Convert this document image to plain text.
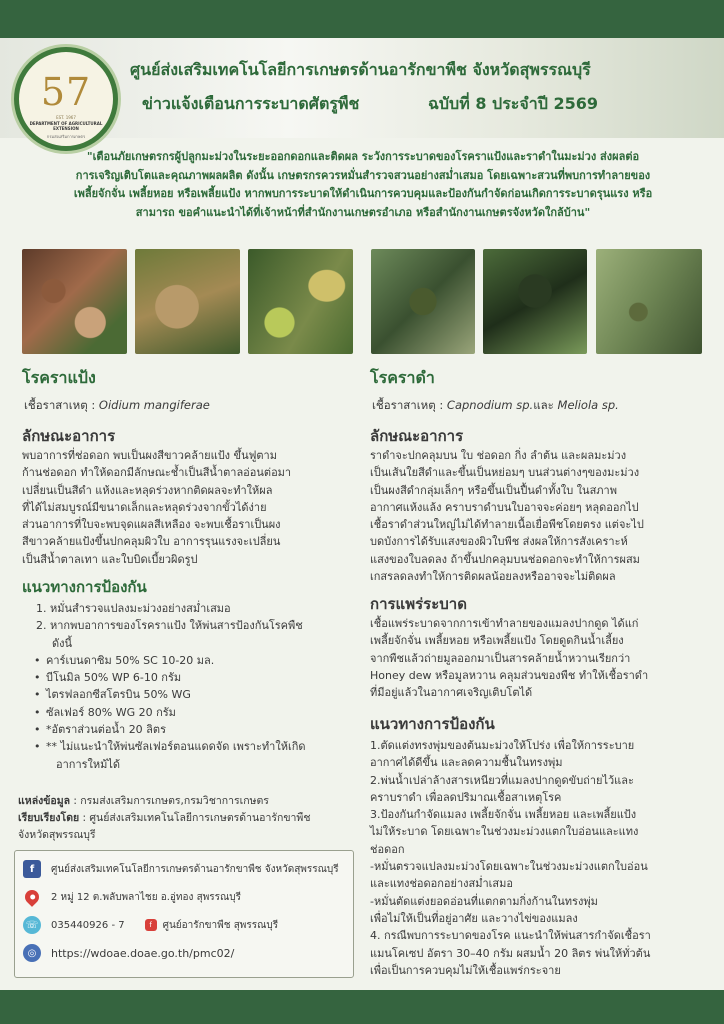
57
EST. 1967
DEPARTMENT OF AGRICULTURAL EXTENSION
กรมส่งเสริมการเกษตร
ศูนย์ส่งเสริมเทคโนโลยีการเกษตรด้านอารักขาพืช จังหวัดสุพรรณบุรี
ข่าวแจ้งเตือนการระบาดศัตรูพืช	ฉบับที่ 8 ประจำปี 2569
"เตือนภัยเกษตรกรผู้ปลูกมะม่วงในระยะออกดอกและติดผล ระวังการระบาดของโรคราแป้งและราดำในมะม่วง ส่งผลต่อ
การเจริญเติบโตและคุณภาพผลผลิต ดังนั้น เกษตรกรควรหมั่นสำรวจสวนอย่างสม่ำเสมอ โดยเฉพาะสวนที่พบการทำลายของ
เพลี้ยจักจั่น เพลี้ยหอย หรือเพลี้ยแป้ง หากพบการระบาดให้ดำเนินการควบคุมและป้องกันกำจัดก่อนเกิดการระบาดรุนแรง หรือ
สามารถ ขอคำแนะนำได้ที่เจ้าหน้าที่สำนักงานเกษตรอำเภอ หรือสำนักงานเกษตรจังหวัดใกล้บ้าน"
โรคราแป้ง
เชื้อราสาเหตุ : Oidium mangiferae
ลักษณะอาการ
พบอาการที่ช่อดอก พบเป็นผงสีขาวคล้ายแป้ง ขึ้นฟูตาม
ก้านช่อดอก ทำให้ดอกมีลักษณะช้ำเป็นสีน้ำตาลอ่อนต่อมา
เปลี่ยนเป็นสีดำ แห้งและหลุดร่วงหากติดผลจะทำให้ผล
ที่ได้ไม่สมบูรณ์มีขนาดเล็กและหลุดร่วงจากขั้วได้ง่าย
ส่วนอาการที่ใบจะพบจุดแผลสีเหลือง จะพบเชื้อราเป็นผง
สีขาวคล้ายแป้งขึ้นปกคลุมผิวใบ อาการรุนแรงจะเปลี่ยน
เป็นสีน้ำตาลเทา และใบบิดเบี้ยวผิดรูป
แนวทางการป้องกัน
1. หมั่นสำรวจแปลงมะม่วงอย่างสม่ำเสมอ
2. หากพบอาการของโรคราแป้ง ให้พ่นสารป้องกันโรคพืช
ดังนี้
• คาร์เบนดาซิม 50% SC 10-20 มล.
• บีโนมิล 50% WP 6-10 กรัม
• ไตรฟลอกซีสโตรบิน 50% WG
• ซัลเฟอร์ 80% WG 20 กรัม
• *อัตราส่วนต่อน้ำ 20 ลิตร
• ** ไม่แนะนำให้พ่นซัลเฟอร์ตอนแดดจัด เพราะทำให้เกิด
อาการใหม้ได้
แหล่งข้อมูล : กรมส่งเสริมการเกษตร,กรมวิชาการเกษตร
เรียบเรียงโดย : ศูนย์ส่งเสริมเทคโนโลยีการเกษตรด้านอารักขาพืช
จังหวัดสุพรรณบุรี
f	ศูนย์ส่งเสริมเทคโนโลยีการเกษตรด้านอารักขาพืช จังหวัดสุพรรณบุรี
2 หมู่ 12 ต.พลับพลาไชย อ.อู่ทอง สุพรรณบุรี
☏ 035440926 - 7	f	ศูนย์อารักขาพืช สุพรรณบุรี
◎	https://wdoae.doae.go.th/pmc02/
โรคราดำ
เชื้อราสาเหตุ : Capnodium sp.และ Meliola sp.
ลักษณะอาการ
ราดำจะปกคลุมบน ใบ ช่อดอก กิ่ง ลำต้น และผลมะม่วง
เป็นเส้นใยสีดำและขึ้นเป็นหย่อมๆ บนส่วนต่างๆของมะม่วง
เป็นผงสีดำกลุ่มเล็กๆ หรือขึ้นเป็นปื้นดำทั้งใบ ในสภาพ
อากาศแห้งแล้ง คราบราดำบนใบอาจจะค่อยๆ หลุดออกไป
เชื้อราดำส่วนใหญ่ไม่ได้ทำลายเนื้อเยื่อพืชโดยตรง แต่จะไป
บดบังการได้รับแสงของผิวใบพืช ส่งผลให้การสังเคราะห์
แสงของใบลดลง ถ้าขึ้นปกคลุมบนช่อดอกจะทำให้การผสม
เกสรลดลงทำให้การติดผลน้อยลงหรืออาจจะไม่ติดผล
การแพร่ระบาด
เชื้อแพร่ระบาดจากการเข้าทำลายของแมลงปากดูด ได้แก่
เพลี้ยจักจั่น เพลี้ยหอย หรือเพลี้ยแป้ง โดยดูดกินน้ำเลี้ยง
จากพืชแล้วถ่ายมูลออกมาเป็นสารคล้ายน้ำหวานเรียกว่า
Honey dew หรือมูลหวาน คลุมส่วนของพืช ทำให้เชื้อราดำ
ที่มีอยู่แล้วในอากาศเจริญเติบโตได้
แนวทางการป้องกัน
1.ตัดแต่งทรงพุ่มของต้นมะม่วงให้โปร่ง เพื่อให้การระบาย
อากาศได้ดีขึ้น และลดความชื้นในทรงพุ่ม
2.พ่นน้ำเปล่าล้างสารเหนียวที่แมลงปากดูดขับถ่ายไว้และ
คราบราดำ เพื่อลดปริมาณเชื้อสาเหตุโรค
3.ป้องกันกำจัดแมลง เพลี้ยจักจั่น เพลี้ยหอย และเพลี้ยแป้ง
ไม่ให้ระบาด โดยเฉพาะในช่วงมะม่วงแตกใบอ่อนและแทง
ช่อดอก
-หมั่นตรวจแปลงมะม่วงโดยเฉพาะในช่วงมะม่วงแตกใบอ่อน
และแทงช่อดอกอย่างสม่ำเสมอ
-หมั่นตัดแต่งยอดอ่อนที่แตกตามกิ่งก้านในทรงพุ่ม
เพื่อไม่ให้เป็นที่อยู่อาศัย และวางไข่ของแมลง
4. กรณีพบการระบาดของโรค แนะนำให้พ่นสารกำจัดเชื้อรา
แมนโคเซป อัตรา 30–40 กรัม ผสมน้ำ 20 ลิตร พ่นให้ทั่วต้น
เพื่อเป็นการควบคุมไม่ให้เชื้อแพร่กระจาย
